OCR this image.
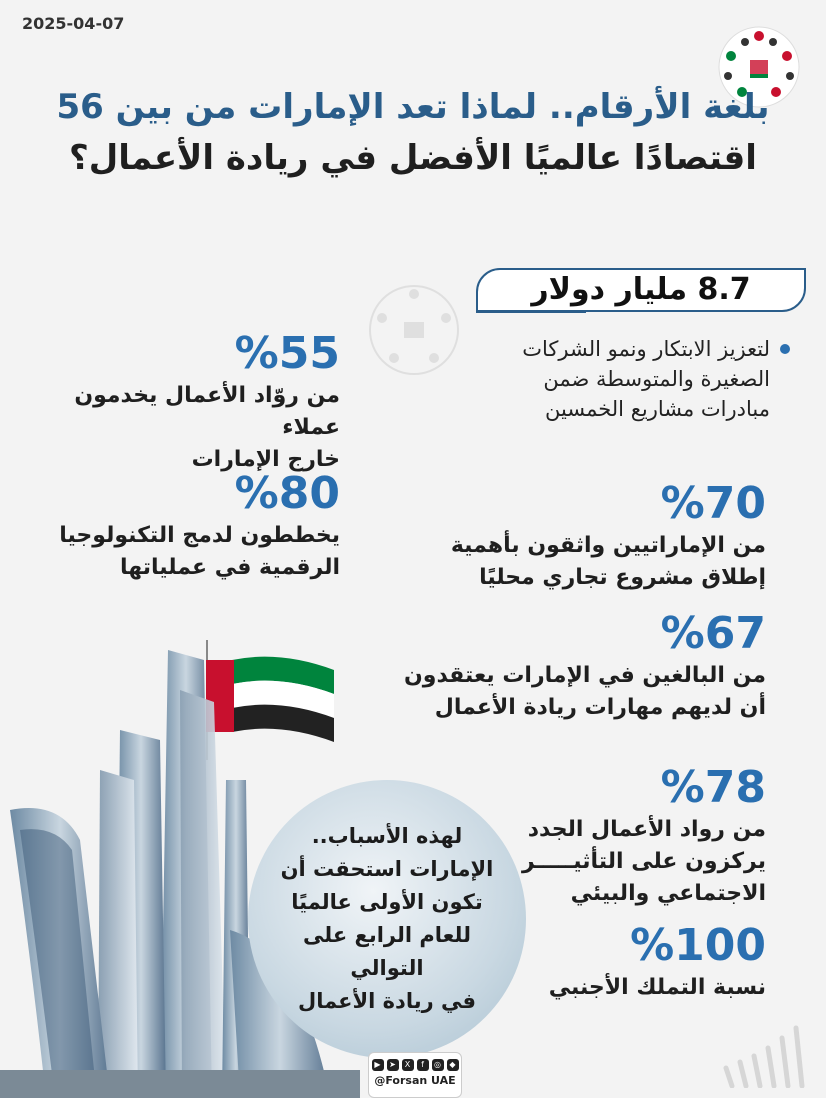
2025-04-07
بلغة الأرقام.. لماذا تعد الإمارات من بين 56
اقتصادًا عالميًا الأفضل في ريادة الأعمال؟
8.7 مليار دولار
لتعزيز الابتكار ونمو الشركات
الصغيرة والمتوسطة ضمن
مبادرات مشاريع الخمسين
%55
من روّاد الأعمال يخدمون عملاء
خارج الإمارات
%80
يخططون لدمج التكنولوجيا
الرقمية في عملياتها
%70
من الإماراتيين واثقون بأهمية
إطلاق مشروع تجاري محليًا
%67
من البالغين في الإمارات يعتقدون
أن لديهم مهارات ريادة الأعمال
%78
من رواد الأعمال الجدد
يركزون على التأثيـــــر
الاجتماعي والبيئي
%100
نسبة التملك الأجنبي
لهذه الأسباب..
الإمارات استحقت أن
تكون الأولى عالميًا
للعام الرابع على التوالي
في ريادة الأعمال
▶	➤	X	f	◎	◆
@Forsan UAE
